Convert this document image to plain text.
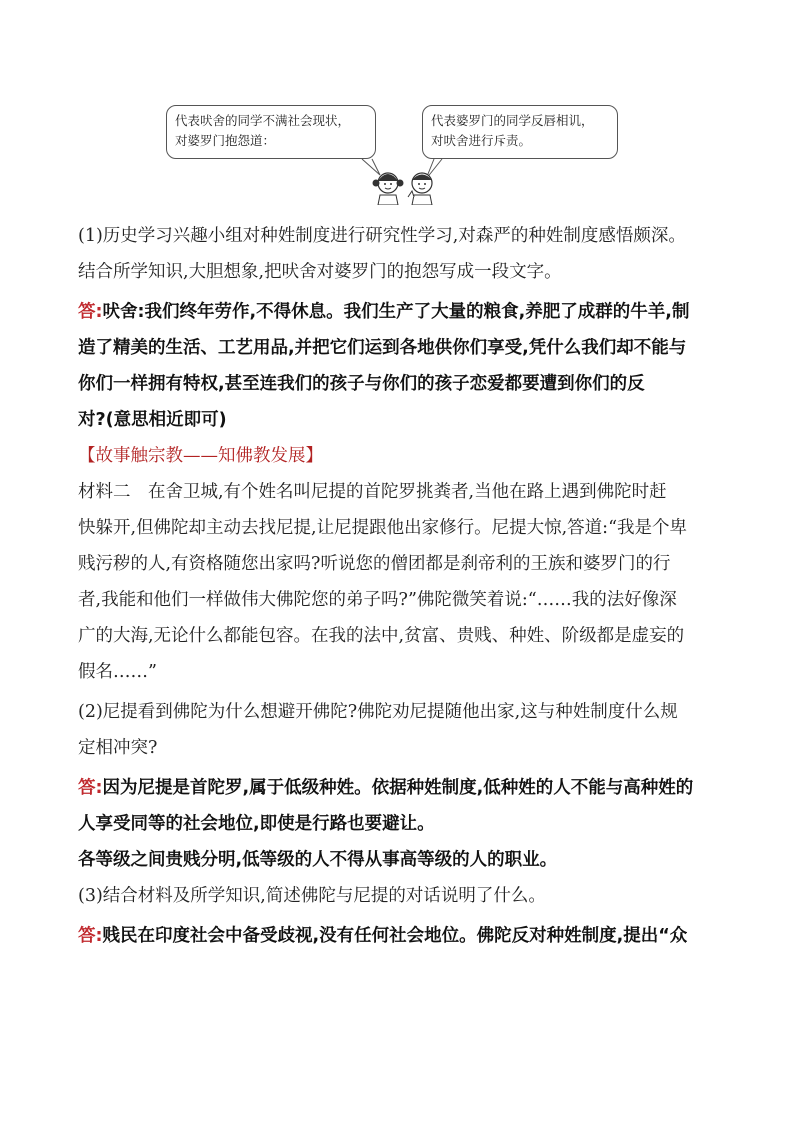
代表吠舍的同学不满社会现状，
对婆罗门抱怨道：
代表婆罗门的同学反唇相讥，
对吠舍进行斥责。

(1)历史学习兴趣小组对种姓制度进行研究性学习,对森严的种姓制度感悟颇深。

结合所学知识,大胆想象,把吠舍对婆罗门的抱怨写成一段文字。

答:吠舍:我们终年劳作,不得休息。我们生产了大量的粮食,养肥了成群的牛羊,制

造了精美的生活、工艺用品,并把它们运到各地供你们享受,凭什么我们却不能与

你们一样拥有特权,甚至连我们的孩子与你们的孩子恋爱都要遭到你们的反

对?(意思相近即可)

【故事触宗教——知佛教发展】

材料二　在舍卫城,有个姓名叫尼提的首陀罗挑粪者,当他在路上遇到佛陀时赶

快躲开,但佛陀却主动去找尼提,让尼提跟他出家修行。尼提大惊,答道:“我是个卑

贱污秽的人,有资格随您出家吗?听说您的僧团都是刹帝利的王族和婆罗门的行

者,我能和他们一样做伟大佛陀您的弟子吗?”佛陀微笑着说:“……我的法好像深

广的大海,无论什么都能包容。在我的法中,贫富、贵贱、种姓、阶级都是虚妄的

假名……”

(2)尼提看到佛陀为什么想避开佛陀?佛陀劝尼提随他出家,这与种姓制度什么规

定相冲突?

答:因为尼提是首陀罗,属于低级种姓。依据种姓制度,低种姓的人不能与高种姓的

人享受同等的社会地位,即使是行路也要避让。

各等级之间贵贱分明,低等级的人不得从事高等级的人的职业。

(3)结合材料及所学知识,简述佛陀与尼提的对话说明了什么。

答:贱民在印度社会中备受歧视,没有任何社会地位。佛陀反对种姓制度,提出“众
